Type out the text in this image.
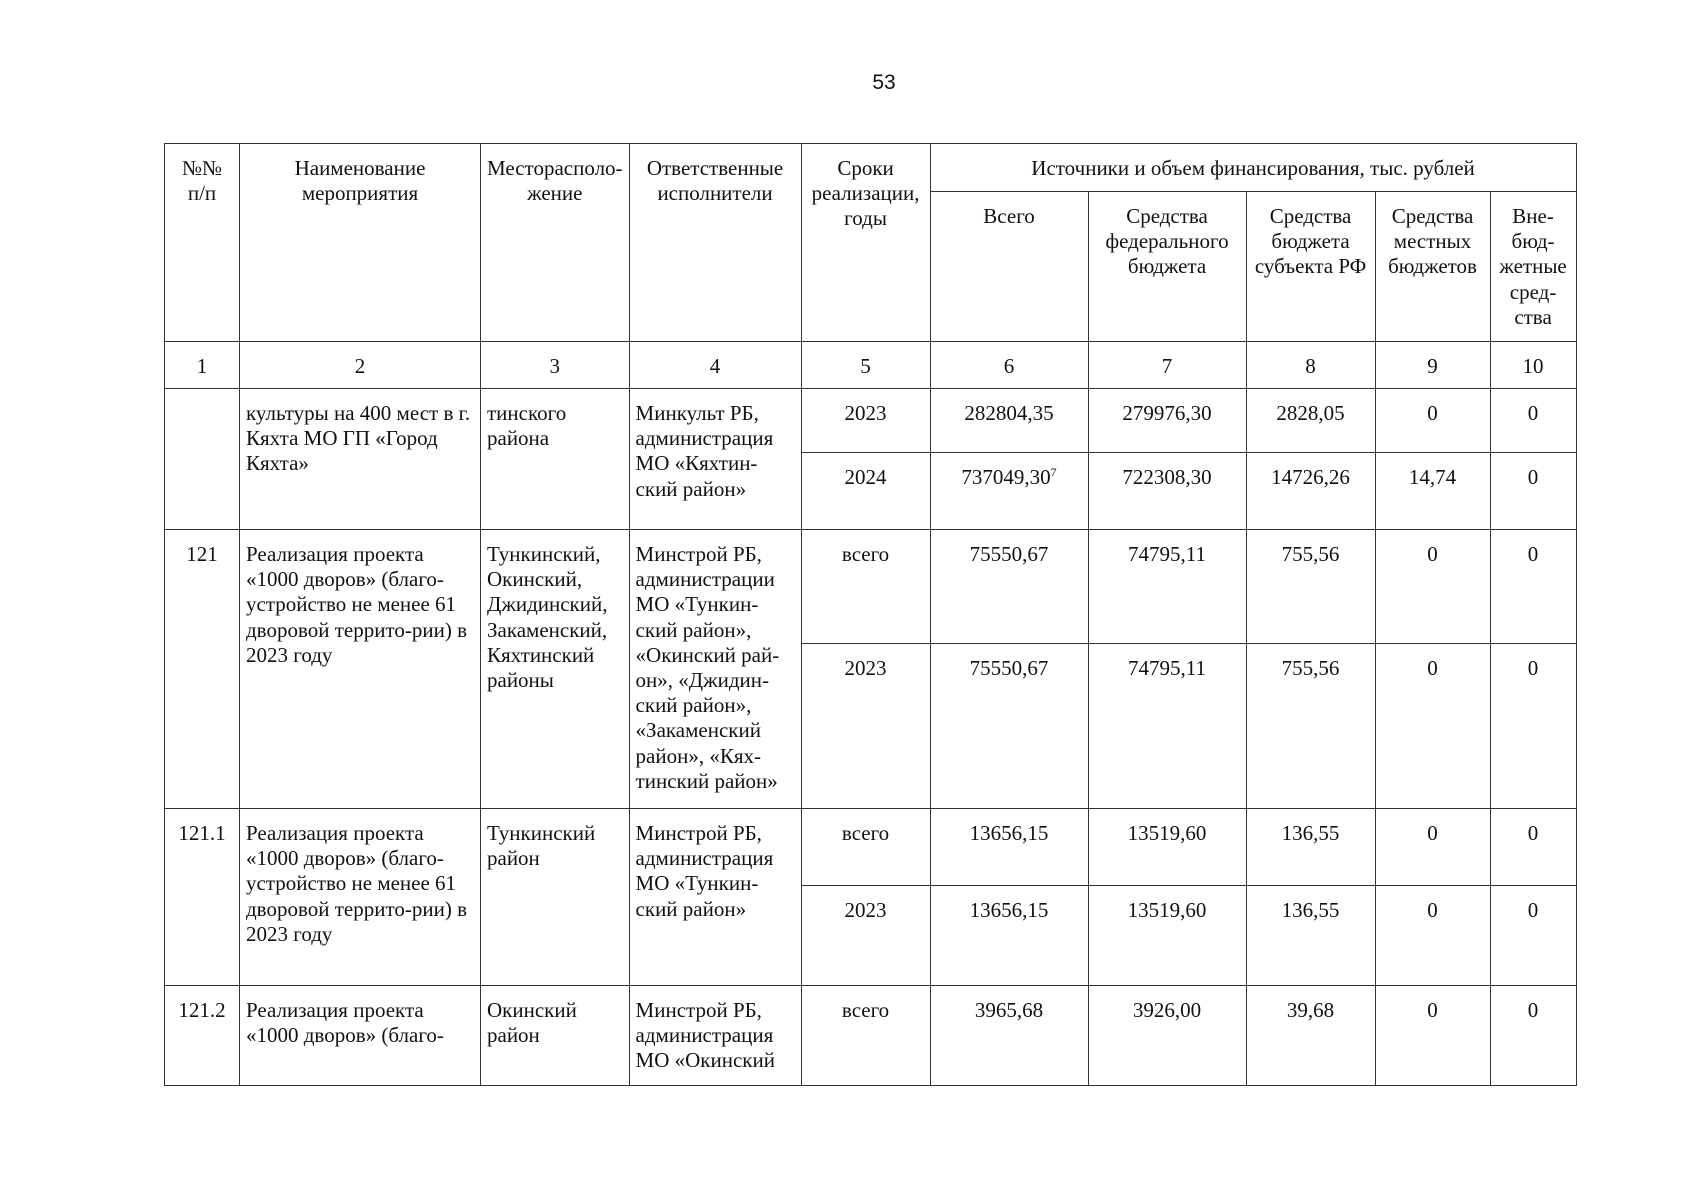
53
№№ п/п	Наименование мероприятия	Месторасполо-жение	Ответственные исполнители	Сроки реализации, годы	Источники и объем финансирования, тыс. рублей				
					Всего	Средства федерального бюджета	Средства бюджета субъекта РФ	Средства местных бюджетов	Вне-бюд-жетные сред-ства
1	2	3	4	5	6	7	8	9	10
	культуры на 400 мест в г. Кяхта МО ГП «Город Кяхта»	тинского района	Минкульт РБ, администрация МО «Кяхтин-ский район»	2023	282804,35	279976,30	2828,05	0	0
				2024	737049,30$^7$	722308,30	14726,26	14,74	0
121	Реализация проекта «1000 дворов» (благо-устройство не менее 61 дворовой террито-рии) в 2023 году	Тункинский, Окинский, Джидинский, Закаменский, Кяхтинский районы	Минстрой РБ, администрации МО «Тункин-ский район», «Окинский рай-он», «Джидин-ский район», «Закаменский район», «Кях-тинский район»	всего	75550,67	74795,11	755,56	0	0
				2023	75550,67	74795,11	755,56	0	0
121.1	Реализация проекта «1000 дворов» (благо-устройство не менее 61 дворовой террито-рии) в 2023 году	Тункинский район	Минстрой РБ, администрация МО «Тункин-ский район»	всего	13656,15	13519,60	136,55	0	0
				2023	13656,15	13519,60	136,55	0	0
121.2	Реализация проекта «1000 дворов» (благо-	Окинский район	Минстрой РБ, администрация МО «Окинский	всего	3965,68	3926,00	39,68	0	0
